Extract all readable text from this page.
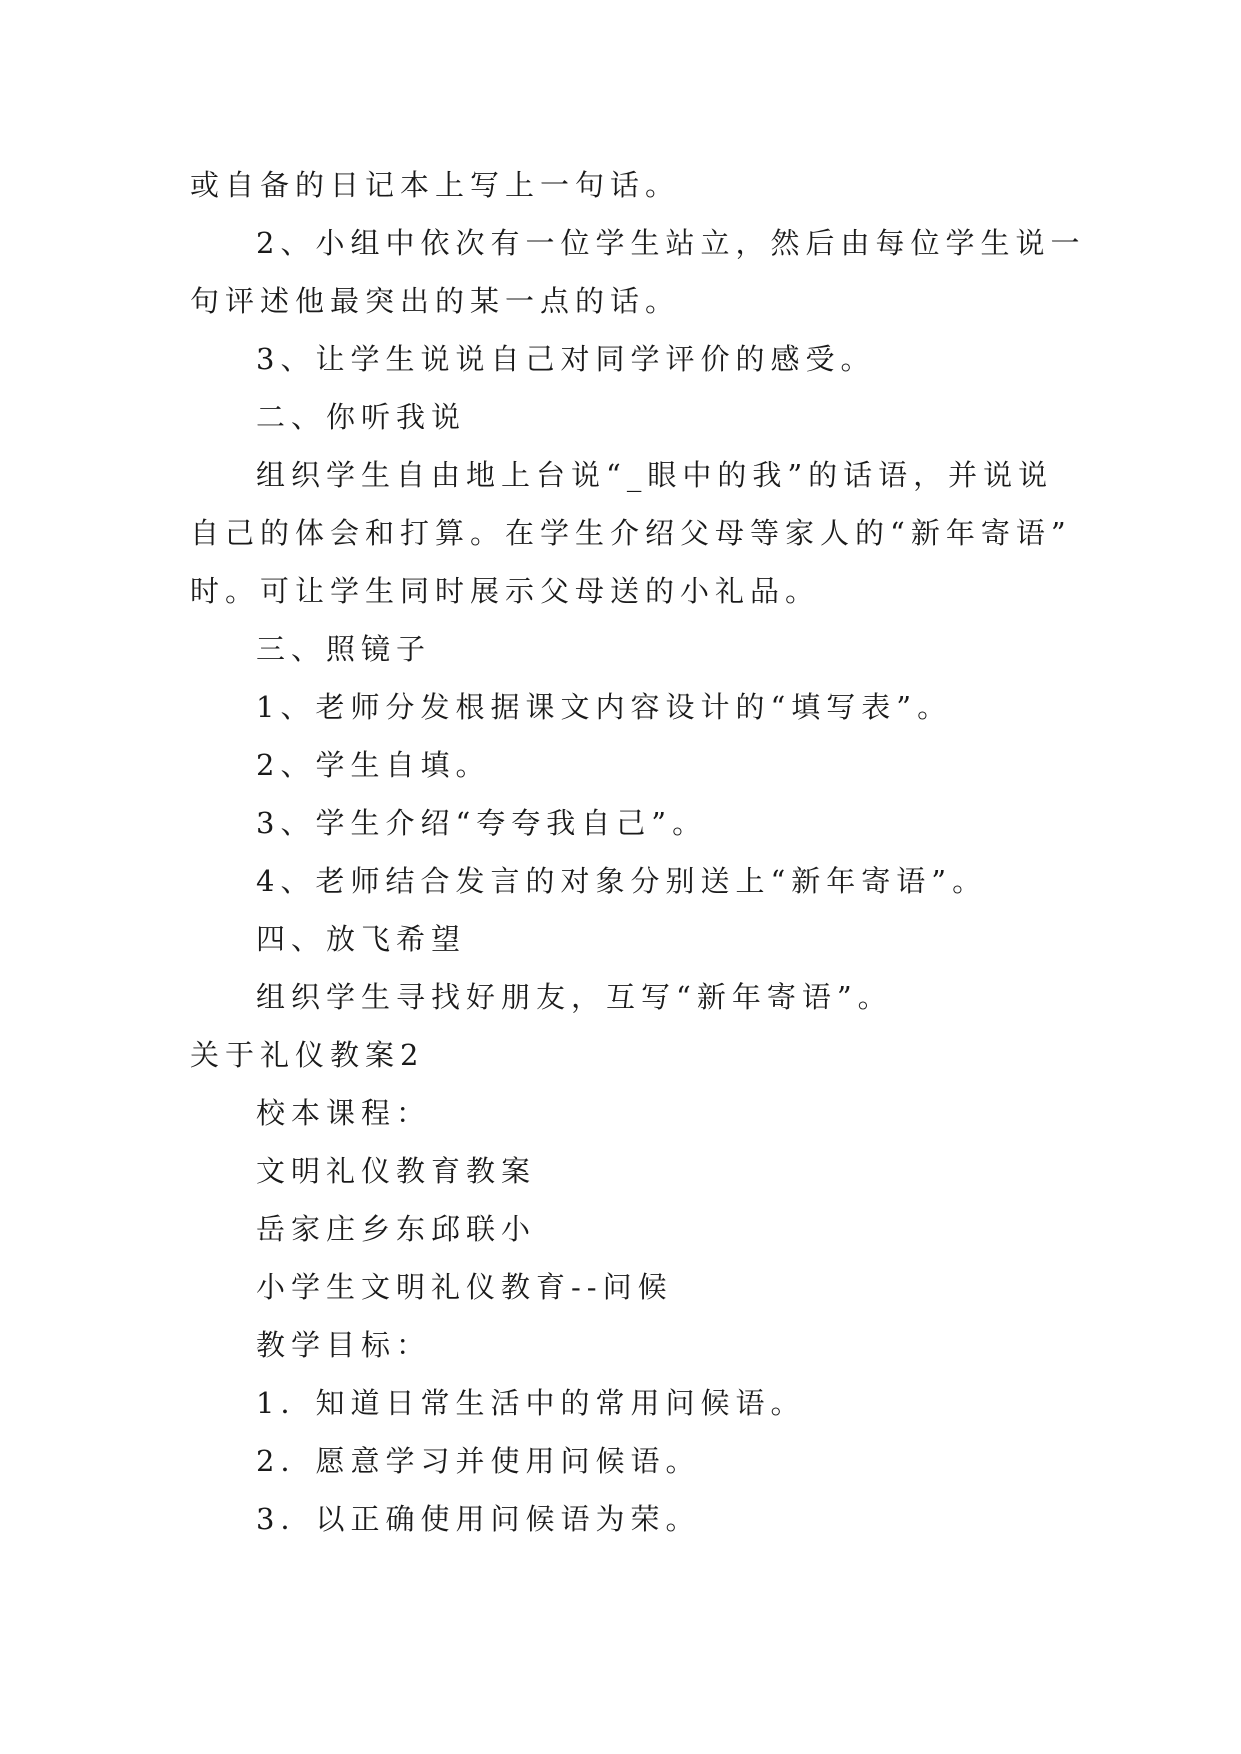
或自备的日记本上写上一句话。
2、小组中依次有一位学生站立，然后由每位学生说一
句评述他最突出的某一点的话。
3、让学生说说自己对同学评价的感受。
二、你听我说
组织学生自由地上台说“_眼中的我”的话语，并说说
自己的体会和打算。在学生介绍父母等家人的“新年寄语”
时。可让学生同时展示父母送的小礼品。
三、照镜子
1、老师分发根据课文内容设计的“填写表”。
2、学生自填。
3、学生介绍“夸夸我自己”。
4、老师结合发言的对象分别送上“新年寄语”。
四、放飞希望
组织学生寻找好朋友，互写“新年寄语”。
关于礼仪教案2
校本课程：
文明礼仪教育教案
岳家庄乡东邱联小
小学生文明礼仪教育--问候
教学目标：
1．知道日常生活中的常用问候语。
2．愿意学习并使用问候语。
3．以正确使用问候语为荣。
